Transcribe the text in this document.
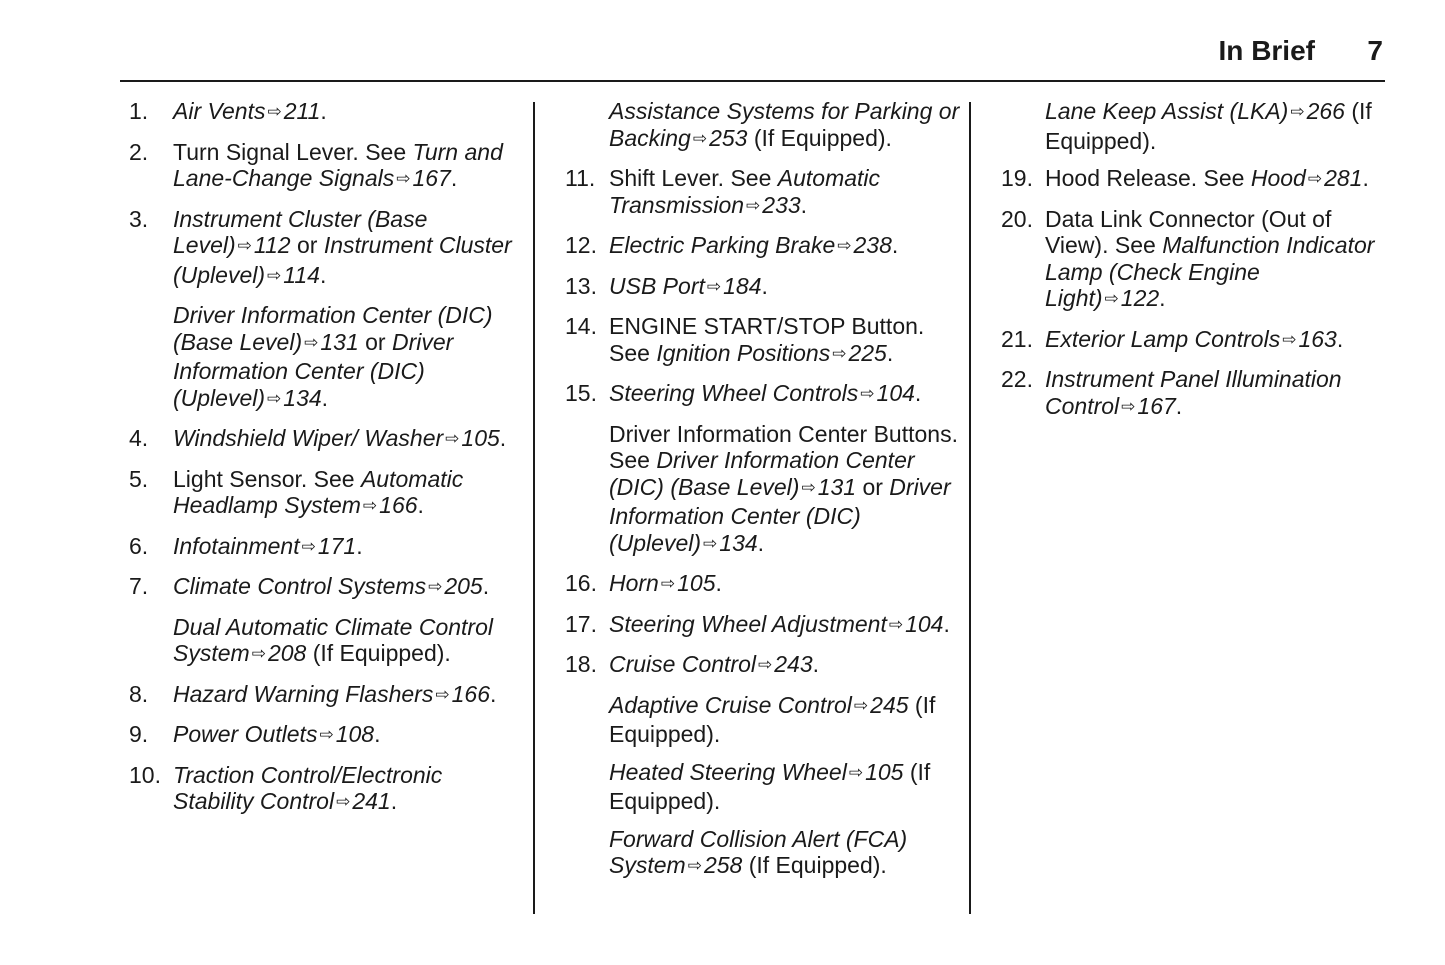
In Brief 7
1.	Air Vents ⇨211.
2.	Turn Signal Lever. See Turn and Lane-Change Signals ⇨167.
3.	Instrument Cluster (Base Level) ⇨112 or Instrument Cluster (Uplevel) ⇨114.
Driver Information Center (DIC) (Base Level) ⇨131 or Driver Information Center (DIC) (Uplevel) ⇨134.
4.	Windshield Wiper/ Washer ⇨105.
5.	Light Sensor. See Automatic Headlamp System ⇨166.
6.	Infotainment ⇨171.
7.	Climate Control Systems ⇨205.
Dual Automatic Climate Control System ⇨208 (If Equipped).
8.	Hazard Warning Flashers ⇨166.
9.	Power Outlets ⇨108.
10. Traction Control/Electronic Stability Control ⇨241.
Assistance Systems for Parking or Backing ⇨253 (If Equipped).
11. Shift Lever. See Automatic Transmission ⇨233.
12. Electric Parking Brake ⇨238.
13. USB Port ⇨184.
14. ENGINE START/STOP Button. See Ignition Positions ⇨225.
15. Steering Wheel Controls ⇨104.
Driver Information Center Buttons. See Driver Information Center (DIC) (Base Level) ⇨131 or Driver Information Center (DIC) (Uplevel) ⇨134.
16. Horn ⇨105.
17. Steering Wheel Adjustment ⇨104.
18. Cruise Control ⇨243.
Adaptive Cruise Control ⇨245 (If Equipped).
Heated Steering Wheel ⇨105 (If Equipped).
Forward Collision Alert (FCA) System ⇨258 (If Equipped).
Lane Keep Assist (LKA) ⇨266 (If Equipped).
19. Hood Release. See Hood ⇨281.
20. Data Link Connector (Out of View). See Malfunction Indicator Lamp (Check Engine Light) ⇨122.
21. Exterior Lamp Controls ⇨163.
22. Instrument Panel Illumination Control ⇨167.
